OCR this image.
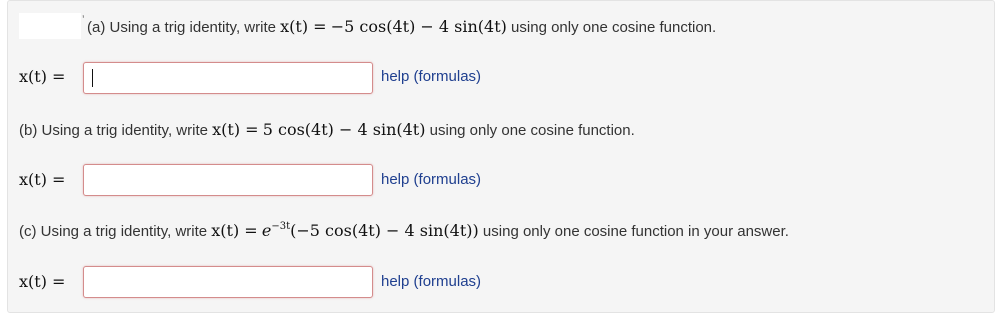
ʼ (a) Using a trig identity, write x(t) = −5 cos(4t) − 4 sin(4t) using only one cosine function.
x(t) =	help (formulas)
(b) Using a trig identity, write x(t) = 5 cos(4t) − 4 sin(4t) using only one cosine function.
x(t) =	help (formulas)
(c) Using a trig identity, write $x(t) = e^{-3t}(-5$ cos(4t) − 4 sin(4t)) using only one cosine function in your answer.
x(t) =	help (formulas)
